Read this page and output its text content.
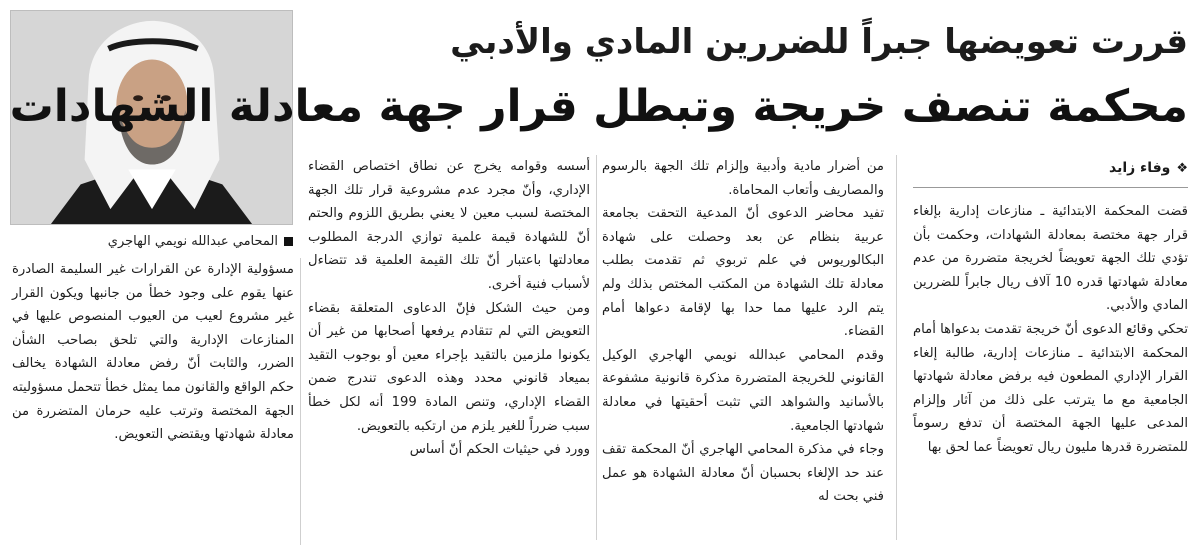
المحامي عبدالله نويمي الهاجري
قررت تعويضها جبراً للضررين المادي والأدبي
محكمة تنصف خريجة وتبطل قرار جهة معادلة الشهادات
❖وفاء زايد

قضت المحكمة الابتدائية ـ منازعات إدارية بإلغاء قرار جهة مختصة بمعادلة الشهادات، وحكمت بأن تؤدي تلك الجهة تعويضاً لخريجة متضررة من عدم معادلة شهادتها قدره 10 آلاف ريال جابراً للضررين المادي والأدبي.

تحكي وقائع الدعوى أنّ خريجة تقدمت بدعواها أمام المحكمة الابتدائية ـ منازعات إدارية، طالبة إلغاء القرار الإداري المطعون فيه برفض معادلة شهادتها الجامعية مع ما يترتب على ذلك من آثار وإلزام المدعى عليها الجهة المختصة أن تدفع رسوماً للمتضررة قدرها مليون ريال تعويضاً عما لحق بها

من أضرار مادية وأدبية وإلزام تلك الجهة بالرسوم والمصاريف وأتعاب المحاماة.

تفيد محاضر الدعوى أنّ المدعية التحقت بجامعة عربية بنظام عن بعد وحصلت على شهادة البكالوريوس في علم تربوي ثم تقدمت بطلب معادلة تلك الشهادة من المكتب المختص بذلك ولم يتم الرد عليها مما حدا بها لإقامة دعواها أمام القضاء.

وقدم المحامي عبدالله نويمي الهاجري الوكيل القانوني للخريجة المتضررة مذكرة قانونية مشفوعة بالأسانيد والشواهد التي تثبت أحقيتها في معادلة شهادتها الجامعية.

وجاء في مذكرة المحامي الهاجري أنّ المحكمة تقف عند حد الإلغاء بحسبان أنّ معادلة الشهادة هو عمل فني بحت له

أسسه وقوامه يخرج عن نطاق اختصاص القضاء الإداري، وأنّ مجرد عدم مشروعية قرار تلك الجهة المختصة لسبب معين لا يعني بطريق اللزوم والحتم أنّ للشهادة قيمة علمية توازي الدرجة المطلوب معادلتها باعتبار أنّ تلك القيمة العلمية قد تتضاءل لأسباب فنية أخرى.

ومن حيث الشكل فإنّ الدعاوى المتعلقة بقضاء التعويض التي لم تتقادم يرفعها أصحابها من غير أن يكونوا ملزمين بالتقيد بإجراء معين أو بوجوب التقيد بميعاد قانوني محدد وهذه الدعوى تندرج ضمن القضاء الإداري، وتنص المادة 199 أنه لكل خطأ سبب ضرراً للغير يلزم من ارتكبه بالتعويض.

وورد في حيثيات الحكم أنّ أساس

مسؤولية الإدارة عن القرارات غير السليمة الصادرة عنها يقوم على وجود خطأ من جانبها ويكون القرار غير مشروع لعيب من العيوب المنصوص عليها في المنازعات الإدارية والتي تلحق بصاحب الشأن الضرر، والثابت أنّ رفض معادلة الشهادة يخالف حكم الواقع والقانون مما يمثل خطأ تتحمل مسؤوليته الجهة المختصة وترتب عليه حرمان المتضررة من معادلة شهادتها ويقتضي التعويض.
